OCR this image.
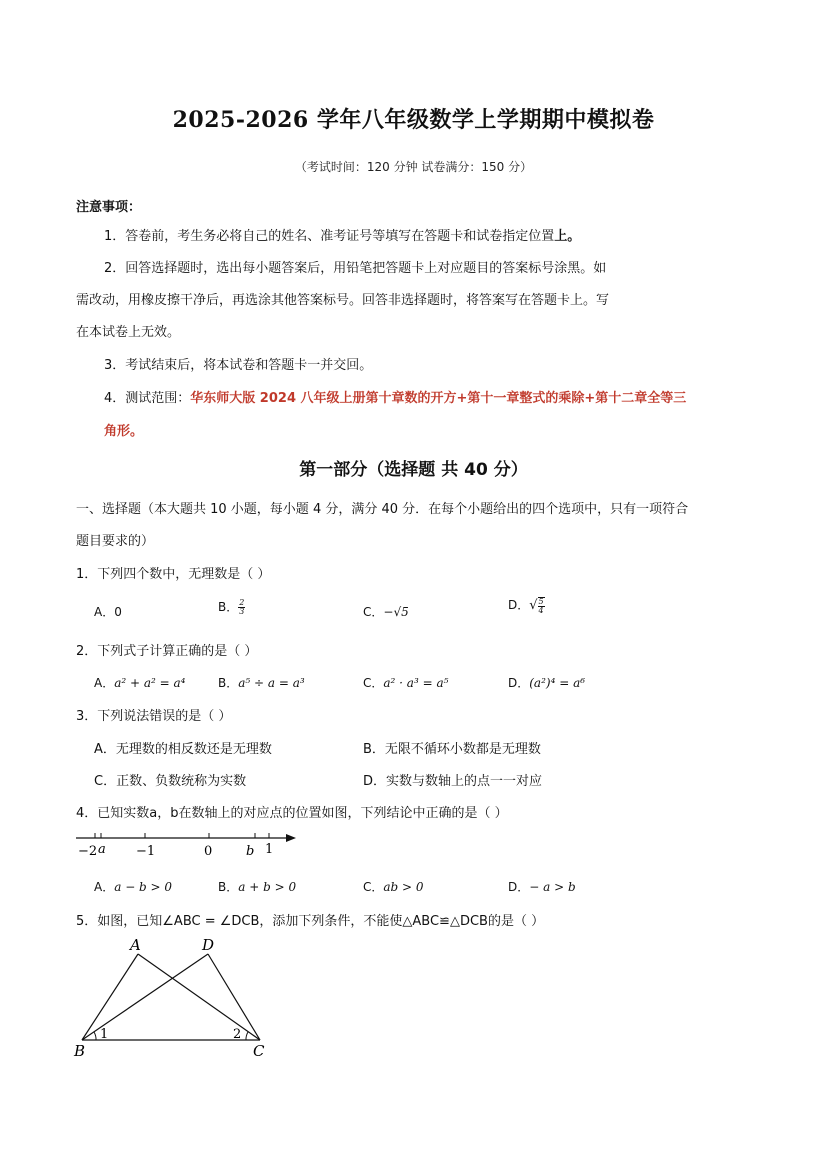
2025-2026 学年八年级数学上学期期中模拟卷
（考试时间：120 分钟 试卷满分：150 分）
注意事项：
1．答卷前，考生务必将自己的姓名、准考证号等填写在答题卡和试卷指定位置上。
2．回答选择题时，选出每小题答案后，用铅笔把答题卡上对应题目的答案标号涂黑。如
需改动，用橡皮擦干净后，再选涂其他答案标号。回答非选择题时，将答案写在答题卡上。写
在本试卷上无效。
3．考试结束后，将本试卷和答题卡一并交回。
4．测试范围：华东师大版 2024 八年级上册第十章数的开方+第十一章整式的乘除+第十二章全等三
角形。
第一部分（选择题 共 40 分）
一、选择题（本大题共 10 小题，每小题 4 分，满分 40 分．在每个小题给出的四个选项中，只有一项符合
题目要求的）
1．下列四个数中，无理数是（ ）
A．0	B． $\frac{2}{3}$	C．−√5	D．√ $\frac{5}{4}$
2．下列式子计算正确的是（ ）
A．a² + a² = a⁴	B．a⁵ ÷ a = a³	C．a² · a³ = a⁵	D．(a²)⁴ = a⁶
3．下列说法错误的是（ ）
A．无理数的相反数还是无理数	B．无限不循环小数都是无理数
C．正数、负数统称为实数	D．实数与数轴上的点一一对应
4．已知实数a，b在数轴上的对应点的位置如图，下列结论中正确的是（ ）
−2 a −1	0	b 1
A．a − b > 0	B．a + b > 0	C．ab > 0	D．− a > b
5．如图，已知∠ABC = ∠DCB，添加下列条件，不能使△ABC≌△DCB的是（ ）
A	D
B	C
1	2
